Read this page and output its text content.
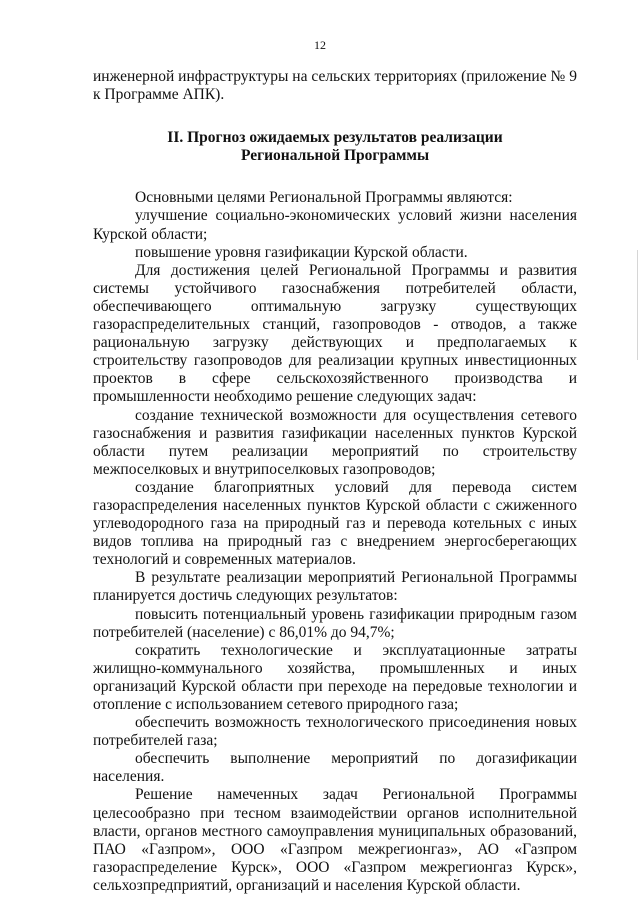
12

инженерной инфраструктуры на сельских территориях (приложение № 9 к Программе АПК).

II. Прогноз ожидаемых результатов реализации
Региональной Программы

Основными целями Региональной Программы являются:

улучшение социально-экономических условий жизни населения Курской области;

повышение уровня газификации Курской области.

Для достижения целей Региональной Программы и развития системы устойчивого газоснабжения потребителей области, обеспечивающего оптимальную загрузку существующих газораспределительных станций, газопроводов - отводов, а также рациональную загрузку действующих и предполагаемых к строительству газопроводов для реализации крупных инвестиционных проектов в сфере сельскохозяйственного производства и промышленности необходимо решение следующих задач:

создание технической возможности для осуществления сетевого газоснабжения и развития газификации населенных пунктов Курской области путем реализации мероприятий по строительству межпоселковых и внутрипоселковых газопроводов;

создание благоприятных условий для перевода систем газораспределения населенных пунктов Курской области с сжиженного углеводородного газа на природный газ и перевода котельных с иных видов топлива на природный газ с внедрением энергосберегающих технологий и современных материалов.

В результате реализации мероприятий Региональной Программы планируется достичь следующих результатов:

повысить потенциальный уровень газификации природным газом потребителей (население) с 86,01% до 94,7%;

сократить технологические и эксплуатационные затраты жилищно-коммунального хозяйства, промышленных и иных организаций Курской области при переходе на передовые технологии и отопление с использованием сетевого природного газа;

обеспечить возможность технологического присоединения новых потребителей газа;

обеспечить выполнение мероприятий по догазификации населения.

Решение намеченных задач Региональной Программы целесообразно при тесном взаимодействии органов исполнительной власти, органов местного самоуправления муниципальных образований, ПАО «Газпром», ООО «Газпром межрегионгаз», АО «Газпром газораспределение Курск», ООО «Газпром межрегионгаз Курск», сельхозпредприятий, организаций и населения Курской области.
